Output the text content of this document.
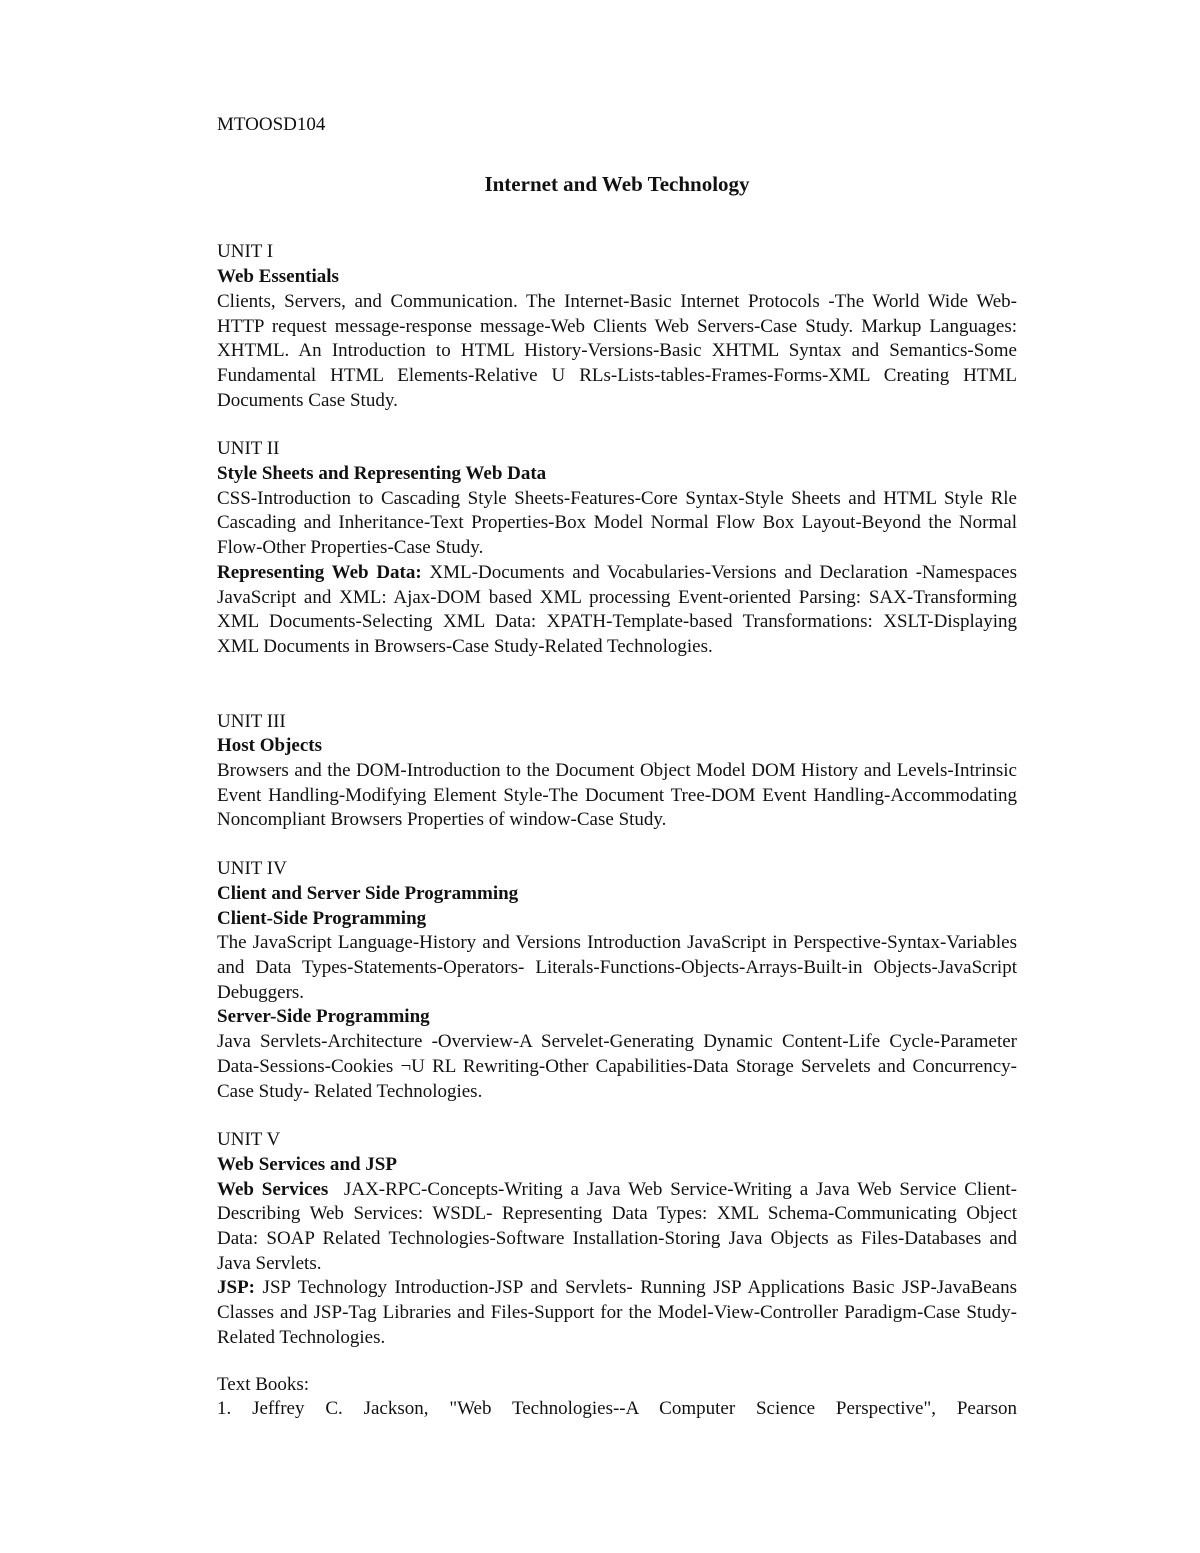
MTOOSD104

Internet and Web Technology

UNIT I

Web Essentials

Clients, Servers, and Communication. The Internet-Basic Internet Protocols -The World Wide Web-HTTP request message-response message-Web Clients Web Servers-Case Study. Markup Languages: XHTML. An Introduction to HTML History-Versions-Basic XHTML Syntax and Semantics-Some Fundamental HTML Elements-Relative U RLs-Lists-tables-Frames-Forms-XML Creating HTML Documents Case Study.

UNIT II

Style Sheets and Representing Web Data

CSS-Introduction to Cascading Style Sheets-Features-Core Syntax-Style Sheets and HTML Style Rle Cascading and Inheritance-Text Properties-Box Model Normal Flow Box Layout-Beyond the Normal Flow-Other Properties-Case Study.

Representing Web Data: XML-Documents and Vocabularies-Versions and Declaration -Namespaces JavaScript and XML: Ajax-DOM based XML processing Event-oriented Parsing: SAX-Transforming XML Documents-Selecting XML Data: XPATH-Template-based Transformations: XSLT-Displaying XML Documents in Browsers-Case Study-Related Technologies.

UNIT III

Host Objects

Browsers and the DOM-Introduction to the Document Object Model DOM History and Levels-Intrinsic Event Handling-Modifying Element Style-The Document Tree-DOM Event Handling-Accommodating Noncompliant Browsers Properties of window-Case Study.

UNIT IV

Client and Server Side Programming

Client-Side Programming

The JavaScript Language-History and Versions Introduction JavaScript in Perspective-Syntax-Variables and Data Types-Statements-Operators- Literals-Functions-Objects-Arrays-Built-in Objects-JavaScript Debuggers.

Server-Side Programming

Java Servlets-Architecture -Overview-A Servelet-Generating Dynamic Content-Life Cycle-Parameter Data-Sessions-Cookies ¬U RL Rewriting-Other Capabilities-Data Storage Servelets and Concurrency-Case Study- Related Technologies.

UNIT V

Web Services and JSP

Web Services  JAX-RPC-Concepts-Writing a Java Web Service-Writing a Java Web Service Client-Describing Web Services: WSDL- Representing Data Types: XML Schema-Communicating Object Data: SOAP Related Technologies-Software Installation-Storing Java Objects as Files-Databases and Java Servlets.

JSP: JSP Technology Introduction-JSP and Servlets- Running JSP Applications Basic JSP-JavaBeans Classes and JSP-Tag Libraries and Files-Support for the Model-View-Controller Paradigm-Case Study-Related Technologies.

Text Books:

1. Jeffrey C. Jackson, "Web Technologies--A Computer Science Perspective", Pearson
